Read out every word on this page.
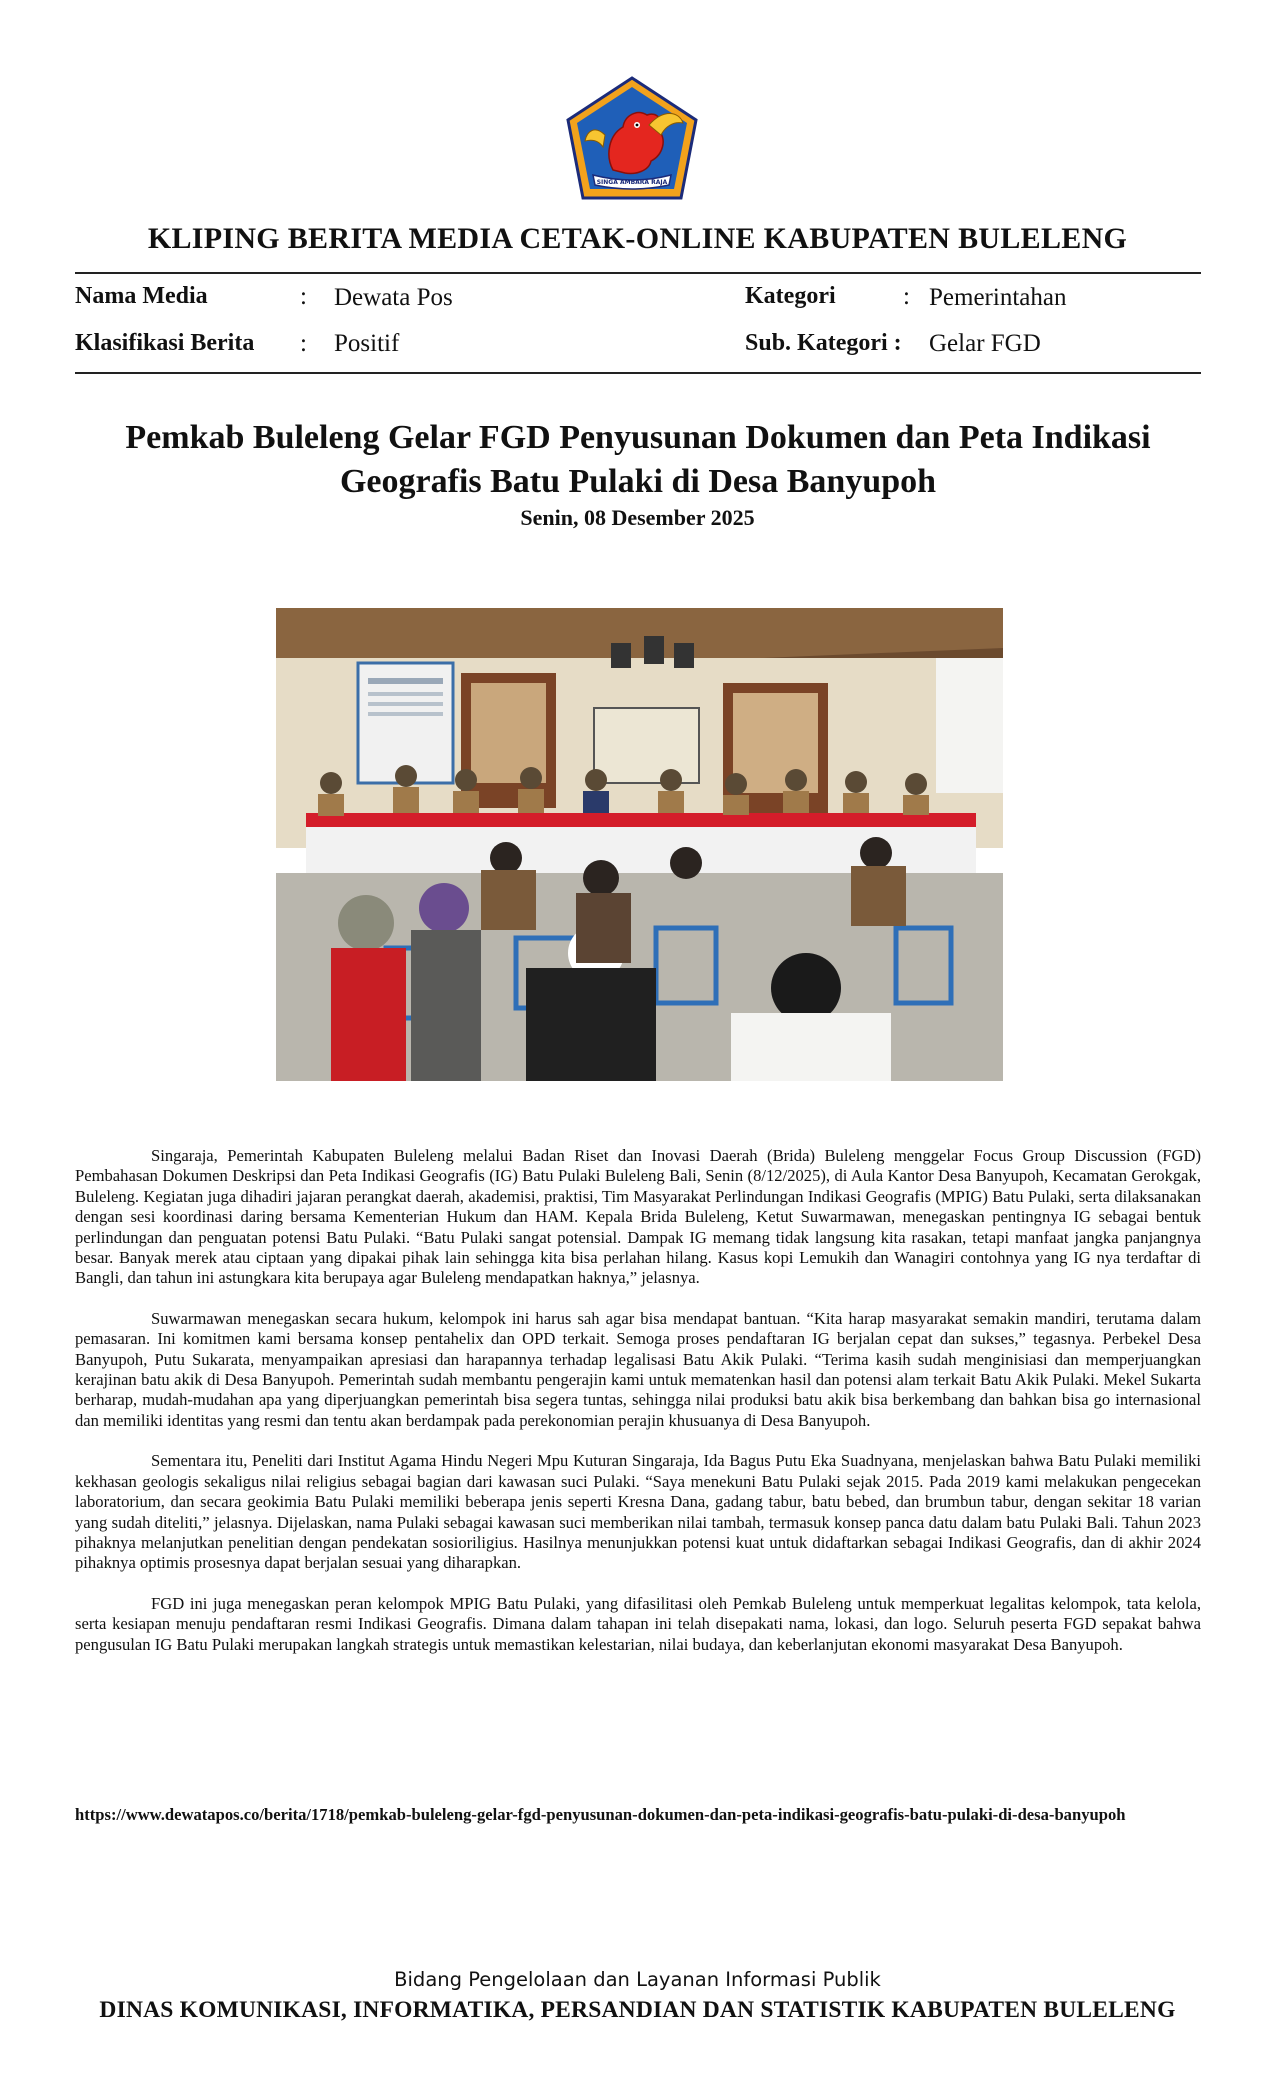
SINGA AMBARA RAJA
KLIPING BERITA MEDIA CETAK-ONLINE KABUPATEN BULELENG
Nama Media	: Dewata Pos	Kategori	: Pemerintahan
Klasifikasi Berita : Positif	Sub. Kategori : Gelar FGD
Pemkab Buleleng Gelar FGD Penyusunan Dokumen dan Peta Indikasi
Geografis Batu Pulaki di Desa Banyupoh
Senin, 08 Desember 2025

Singaraja, Pemerintah Kabupaten Buleleng melalui Badan Riset dan Inovasi Daerah (Brida) Buleleng menggelar Focus Group Discussion (FGD) Pembahasan Dokumen Deskripsi dan Peta Indikasi Geografis (IG) Batu Pulaki Buleleng Bali, Senin (8/12/2025), di Aula Kantor Desa Banyupoh, Kecamatan Gerokgak, Buleleng. Kegiatan juga dihadiri jajaran perangkat daerah, akademisi, praktisi, Tim Masyarakat Perlindungan Indikasi Geografis (MPIG) Batu Pulaki, serta dilaksanakan dengan sesi koordinasi daring bersama Kementerian Hukum dan HAM. Kepala Brida Buleleng, Ketut Suwarmawan, menegaskan pentingnya IG sebagai bentuk perlindungan dan penguatan potensi Batu Pulaki. “Batu Pulaki sangat potensial. Dampak IG memang tidak langsung kita rasakan, tetapi manfaat jangka panjangnya besar. Banyak merek atau ciptaan yang dipakai pihak lain sehingga kita bisa perlahan hilang. Kasus kopi Lemukih dan Wanagiri contohnya yang IG nya terdaftar di Bangli, dan tahun ini astungkara kita berupaya agar Buleleng mendapatkan haknya,” jelasnya.

Suwarmawan menegaskan secara hukum, kelompok ini harus sah agar bisa mendapat bantuan. “Kita harap masyarakat semakin mandiri, terutama dalam pemasaran. Ini komitmen kami bersama konsep pentahelix dan OPD terkait. Semoga proses pendaftaran IG berjalan cepat dan sukses,” tegasnya. Perbekel Desa Banyupoh, Putu Sukarata, menyampaikan apresiasi dan harapannya terhadap legalisasi Batu Akik Pulaki. “Terima kasih sudah menginisiasi dan memperjuangkan kerajinan batu akik di Desa Banyupoh. Pemerintah sudah membantu pengerajin kami untuk mematenkan hasil dan potensi alam terkait Batu Akik Pulaki. Mekel Sukarta berharap, mudah-mudahan apa yang diperjuangkan pemerintah bisa segera tuntas, sehingga nilai produksi batu akik bisa berkembang dan bahkan bisa go internasional dan memiliki identitas yang resmi dan tentu akan berdampak pada perekonomian perajin khusuanya di Desa Banyupoh.

Sementara itu, Peneliti dari Institut Agama Hindu Negeri Mpu Kuturan Singaraja, Ida Bagus Putu Eka Suadnyana, menjelaskan bahwa Batu Pulaki memiliki kekhasan geologis sekaligus nilai religius sebagai bagian dari kawasan suci Pulaki. “Saya menekuni Batu Pulaki sejak 2015. Pada 2019 kami melakukan pengecekan laboratorium, dan secara geokimia Batu Pulaki memiliki beberapa jenis seperti Kresna Dana, gadang tabur, batu bebed, dan brumbun tabur, dengan sekitar 18 varian yang sudah diteliti,” jelasnya. Dijelaskan, nama Pulaki sebagai kawasan suci memberikan nilai tambah, termasuk konsep panca datu dalam batu Pulaki Bali. Tahun 2023 pihaknya melanjutkan penelitian dengan pendekatan sosioriligius. Hasilnya menunjukkan potensi kuat untuk didaftarkan sebagai Indikasi Geografis, dan di akhir 2024 pihaknya optimis prosesnya dapat berjalan sesuai yang diharapkan.

FGD ini juga menegaskan peran kelompok MPIG Batu Pulaki, yang difasilitasi oleh Pemkab Buleleng untuk memperkuat legalitas kelompok, tata kelola, serta kesiapan menuju pendaftaran resmi Indikasi Geografis. Dimana dalam tahapan ini telah disepakati nama, lokasi, dan logo. Seluruh peserta FGD sepakat bahwa pengusulan IG Batu Pulaki merupakan langkah strategis untuk memastikan kelestarian, nilai budaya, dan keberlanjutan ekonomi masyarakat Desa Banyupoh.

https://www.dewatapos.co/berita/1718/pemkab-buleleng-gelar-fgd-penyusunan-dokumen-dan-peta-indikasi-geografis-batu-pulaki-di-desa-banyupoh
Bidang Pengelolaan dan Layanan Informasi Publik
DINAS KOMUNIKASI, INFORMATIKA, PERSANDIAN DAN STATISTIK KABUPATEN BULELENG
